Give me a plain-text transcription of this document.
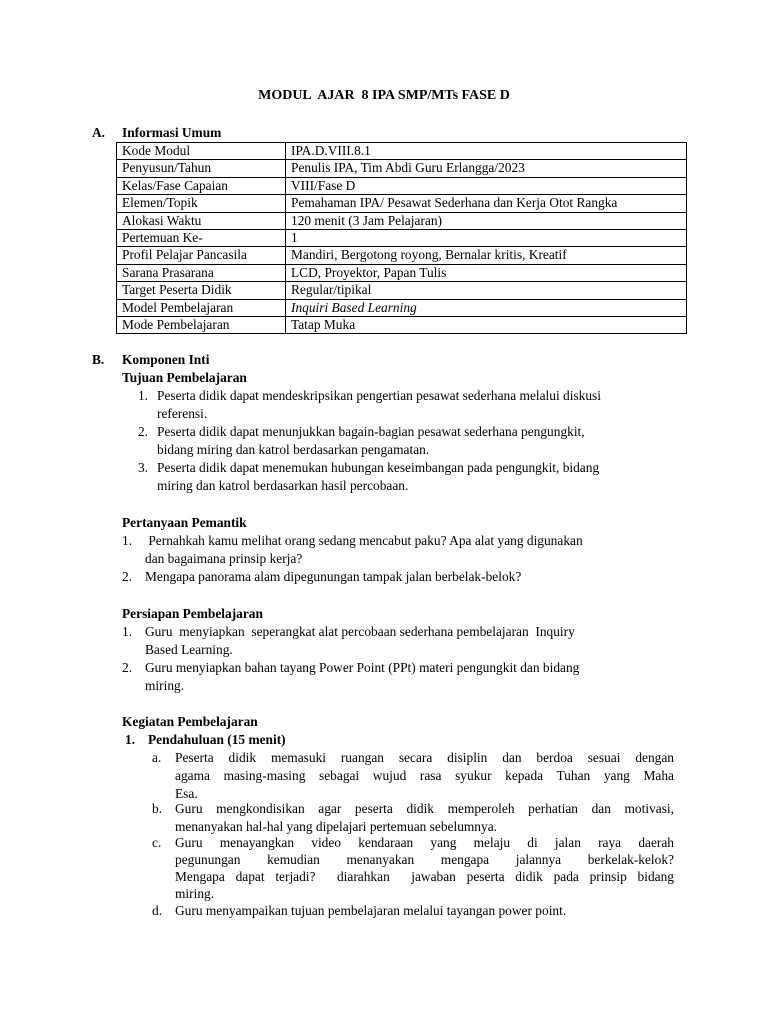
MODUL  AJAR  8 IPA SMP/MTs FASE D
A. Informasi Umum
Kode Modul	IPA.D.VIII.8.1
Penyusun/Tahun	Penulis IPA, Tim Abdi Guru Erlangga/2023
Kelas/Fase Capaian	VIII/Fase D
Elemen/Topik	Pemahaman IPA/ Pesawat Sederhana dan Kerja Otot Rangka
Alokasi Waktu	120 menit (3 Jam Pelajaran)
Pertemuan Ke-	1
Profil Pelajar Pancasila	Mandiri, Bergotong royong, Bernalar kritis, Kreatif
Sarana Prasarana	LCD, Proyektor, Papan Tulis
Target Peserta Didik	Regular/tipikal
Model Pembelajaran	Inquiri Based Learning
Mode Pembelajaran	Tatap Muka
B. Komponen Inti
Tujuan Pembelajaran
1. Peserta didik dapat mendeskripsikan pengertian pesawat sederhana melalui diskusi
referensi.
2. Peserta didik dapat menunjukkan bagain-bagian pesawat sederhana pengungkit,
bidang miring dan katrol berdasarkan pengamatan.
3. Peserta didik dapat menemukan hubungan keseimbangan pada pengungkit, bidang
miring dan katrol berdasarkan hasil percobaan.
Pertanyaan Pemantik
1. Pernahkah kamu melihat orang sedang mencabut paku? Apa alat yang digunakan
dan bagaimana prinsip kerja?
2. Mengapa panorama alam dipegunungan tampak jalan berbelak-belok?
Persiapan Pembelajaran
1. Guru  menyiapkan  seperangkat alat percobaan sederhana pembelajaran  Inquiry
Based Learning.
2. Guru menyiapkan bahan tayang Power Point (PPt) materi pengungkit dan bidang
miring.
Kegiatan Pembelajaran
1. Pendahuluan (15 menit)
a. Peserta didik memasuki ruangan secara disiplin dan berdoa sesuai dengan
agama masing-masing sebagai wujud rasa syukur kepada Tuhan yang Maha
Esa.
b. Guru mengkondisikan agar peserta didik memperoleh perhatian dan motivasi,
menanyakan hal-hal yang dipelajari pertemuan sebelumnya.
c. Guru menayangkan video kendaraan yang melaju di jalan raya daerah
pegunungan kemudian menanyakan mengapa jalannya berkelak-kelok?
Mengapa dapat terjadi?  diarahkan  jawaban peserta didik pada prinsip bidang
miring.
d. Guru menyampaikan tujuan pembelajaran melalui tayangan power point.
